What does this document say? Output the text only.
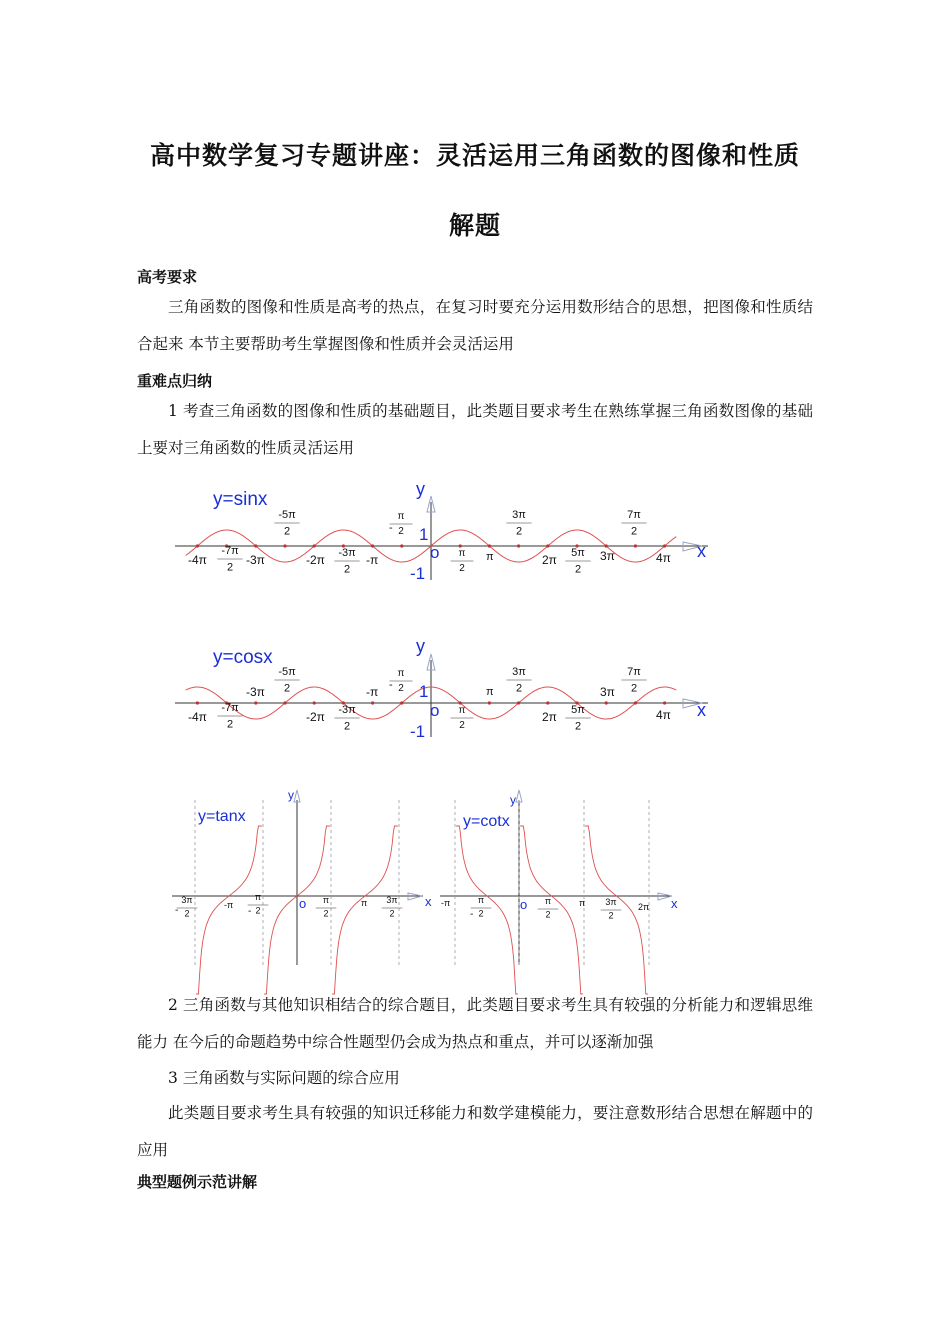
高中数学复习专题讲座：灵活运用三角函数的图像和性质
解题
高考要求

三角函数的图像和性质是高考的热点，在复习时要充分运用数形结合的思想，把图像和性质结合起来 本节主要帮助考生掌握图像和性质并会灵活运用

重难点归纳

1 考查三角函数的图像和性质的基础题目，此类题目要求考生在熟练掌握三角函数图像的基础上要对三角函数的性质灵活运用

y=sinx	y
x
o
1
-1
-4π
-7π
2
-3π
-5π
2
-2π -3π
2
-π
π
2
-
π
2
π
3π
2
2π 5π
2
3π
7π
2
4π
y=cosx
y
x
o
1
-1
-4π
-7π
2
-3π
-5π
2
-2π -3π
2
-π
π
2
-
π
2
π
3π
2
2π 5π
2
3π
7π
2
4π
y=tanx
y
x
o
3π
2
-	-π
π
2
-
π
2
π 3π
2
y=cotx
y
x
o
-π	π
2
-
π
2
π 3π
2
2π

2 三角函数与其他知识相结合的综合题目，此类题目要求考生具有较强的分析能力和逻辑思维能力 在今后的命题趋势中综合性题型仍会成为热点和重点，并可以逐渐加强

3 三角函数与实际问题的综合应用

此类题目要求考生具有较强的知识迁移能力和数学建模能力，要注意数形结合思想在解题中的应用

典型题例示范讲解
